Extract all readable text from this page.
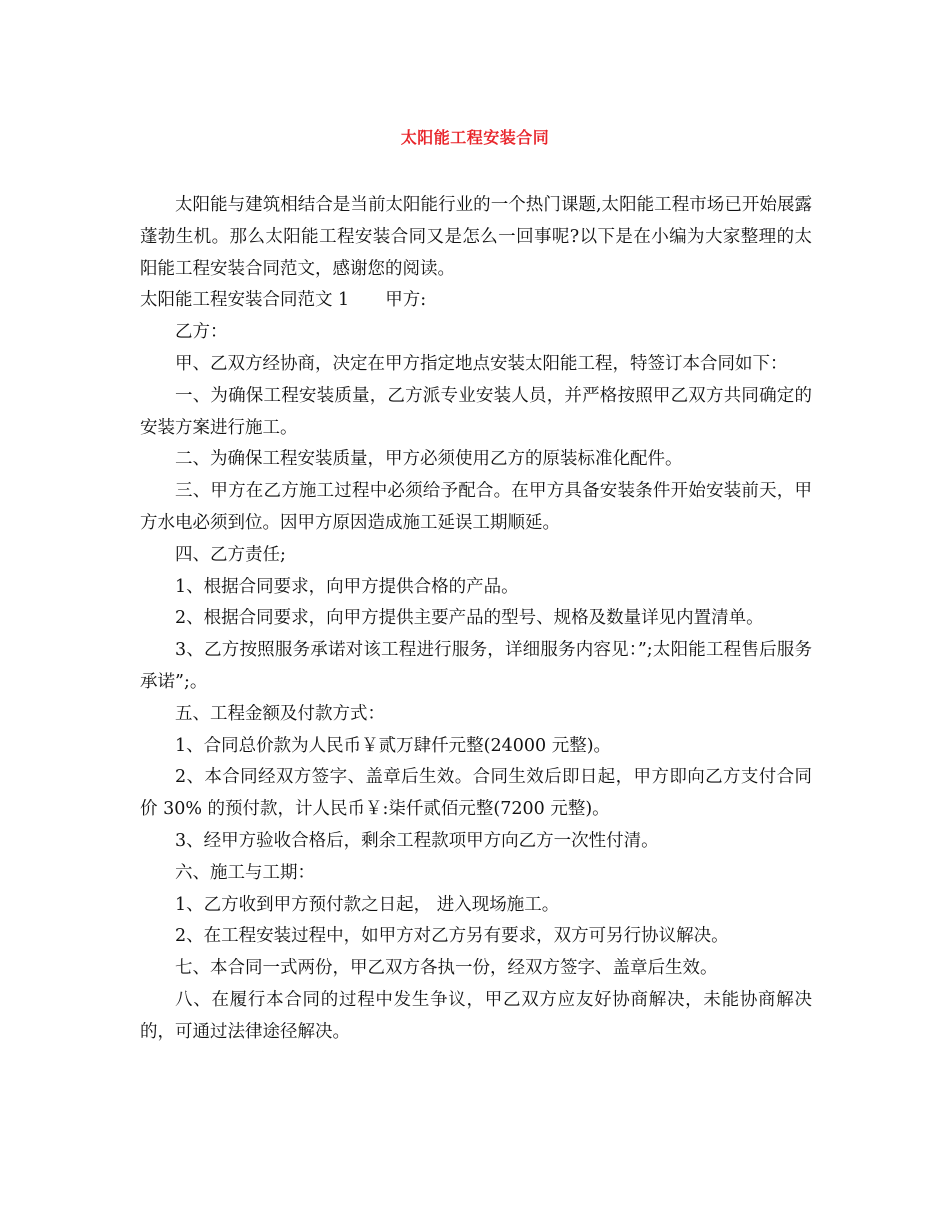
太阳能工程安装合同

太阳能与建筑相结合是当前太阳能行业的一个热门课题,太阳能工程市场已开始展露蓬勃生机。那么太阳能工程安装合同又是怎么一回事呢?以下是在小编为大家整理的太阳能工程安装合同范文，感谢您的阅读。

太阳能工程安装合同范文 1 甲方:

乙方：

甲、乙双方经协商，决定在甲方指定地点安装太阳能工程，特签订本合同如下：

一、为确保工程安装质量，乙方派专业安装人员，并严格按照甲乙双方共同确定的安装方案进行施工。

二、为确保工程安装质量，甲方必须使用乙方的原装标准化配件。

三、甲方在乙方施工过程中必须给予配合。在甲方具备安装条件开始安装前天，甲方水电必须到位。因甲方原因造成施工延误工期顺延。

四、乙方责任;

1、根据合同要求，向甲方提供合格的产品。

2、根据合同要求，向甲方提供主要产品的型号、规格及数量详见内置清单。

3、乙方按照服务承诺对该工程进行服务，详细服务内容见：”;太阳能工程售后服务承诺”;。

五、工程金额及付款方式：

1、合同总价款为人民币￥贰万肆仟元整(24000 元整)。

2、本合同经双方签字、盖章后生效。合同生效后即日起，甲方即向乙方支付合同价 30% 的预付款，计人民币￥:柒仟贰佰元整(7200 元整)。

3、经甲方验收合格后，剩余工程款项甲方向乙方一次性付清。

六、施工与工期：

1、乙方收到甲方预付款之日起， 进入现场施工。

2、在工程安装过程中，如甲方对乙方另有要求，双方可另行协议解决。

七、本合同一式两份，甲乙双方各执一份，经双方签字、盖章后生效。

八、在履行本合同的过程中发生争议，甲乙双方应友好协商解决，未能协商解决的，可通过法律途径解决。
